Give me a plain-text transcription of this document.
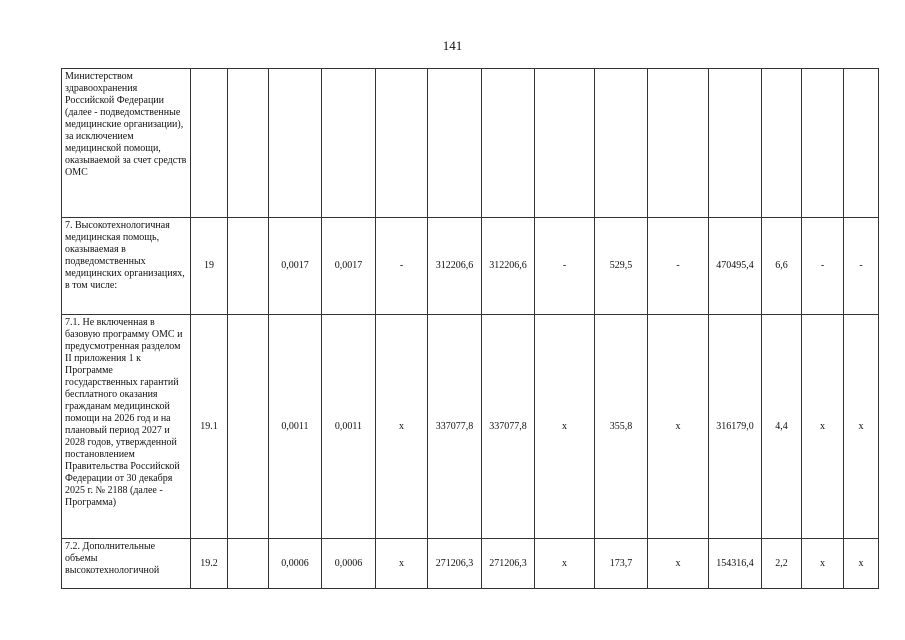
141
Министерством здравоохранения Российской Федерации (далее - подведомственные медицинские организации), за исключением медицинской помощи, оказываемой за счет средств ОМС														
7. Высокотехнологичная медицинская помощь, оказываемая в подведомственных медицинских организациях, в том числе:	19		0,0017	0,0017	-	312206,6	312206,6	-	529,5	-	470495,4	6,6	-	-
7.1. Не включенная в базовую программу ОМС и предусмотренная разделом II приложения 1 к Программе государственных гарантий бесплатного оказания гражданам медицинской помощи на 2026 год и на плановый период 2027 и 2028 годов, утвержденной постановлением Правительства Российской Федерации от 30 декабря 2025 г. № 2188 (далее - Программа)	19.1		0,0011	0,0011	x	337077,8	337077,8	x	355,8	x	316179,0	4,4	x	x
7.2. Дополнительные объемы высокотехнологичной	19.2		0,0006	0,0006	x	271206,3	271206,3	x	173,7	x	154316,4	2,2	x	x
